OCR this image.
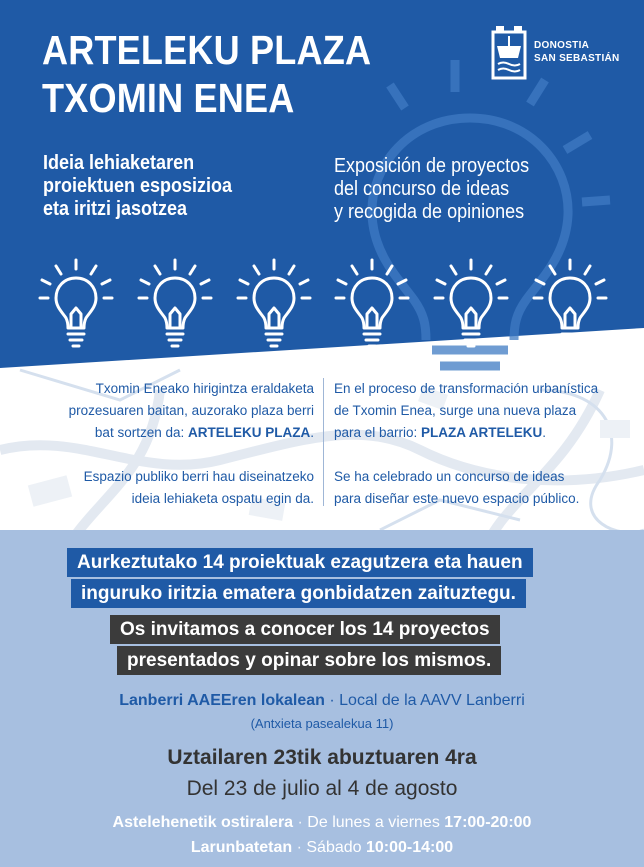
ARTELEKU PLAZA
TXOMIN ENEA
DONOSTIA
SAN SEBASTIÁN
Ideia lehiaketaren
proiektuen esposizioa
eta iritzi jasotzea
Exposición de proyectos
del concurso de ideas
y recogida de opiniones
Txomin Eneako hirigintza eraldaketa
prozesuaren baitan, auzorako plaza berri
bat sortzen da: ARTELEKU PLAZA.
Espazio publiko berri hau diseinatzeko
ideia lehiaketa ospatu egin da.
En el proceso de transformación urbanística
de Txomin Enea, surge una nueva plaza
para el barrio: PLAZA ARTELEKU.
Se ha celebrado un concurso de ideas
para diseñar este nuevo espacio público.
Aurkeztutako 14 proiektuak ezagutzera eta hauen
inguruko iritzia ematera gonbidatzen zaituztegu.
Os invitamos a conocer los 14 proyectos
presentados y opinar sobre los mismos.
Lanberri AAEEren lokalean · Local de la AAVV Lanberri
(Antxieta pasealekua 11)
Uztailaren 23tik abuztuaren 4ra
Del 23 de julio al 4 de agosto
Astelehenetik ostiralera · De lunes a viernes 17:00-20:00
Larunbatetan · Sábado 10:00-14:00
